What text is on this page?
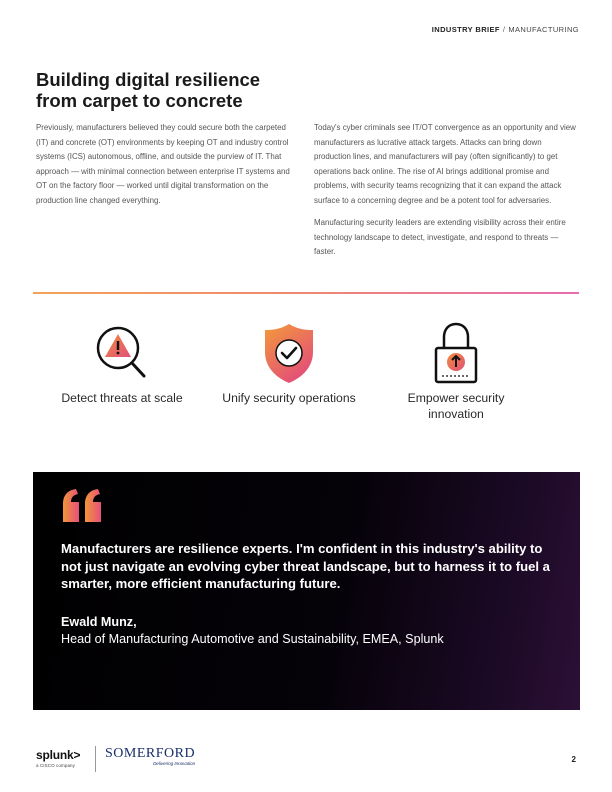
INDUSTRY BRIEF / MANUFACTURING
Building digital resilience from carpet to concrete

Previously, manufacturers believed they could secure both the carpeted (IT) and concrete (OT) environments by keeping OT and industry control systems (ICS) autonomous, offline, and outside the purview of IT. That approach — with minimal connection between enterprise IT systems and OT on the factory floor — worked until digital transformation on the production line changed everything.

Today's cyber criminals see IT/OT convergence as an opportunity and view manufacturers as lucrative attack targets. Attacks can bring down production lines, and manufacturers will pay (often significantly) to get operations back online. The rise of AI brings additional promise and problems, with security teams recognizing that it can expand the attack surface to a concerning degree and be a potent tool for adversaries.

Manufacturing security leaders are extending visibility across their entire technology landscape to detect, investigate, and respond to threats — faster.

Detect threats at scale	Unify security operations	Empower security innovation

Manufacturers are resilience experts. I'm confident in this industry's ability to not just navigate an evolving cyber threat landscape, but to harness it to fuel a smarter, more efficient manufacturing future.

Ewald Munz,
Head of Manufacturing Automotive and Sustainability, EMEA, Splunk
splunk>
a CISCO company
SOMERFORD
Delivering Innovation	2
